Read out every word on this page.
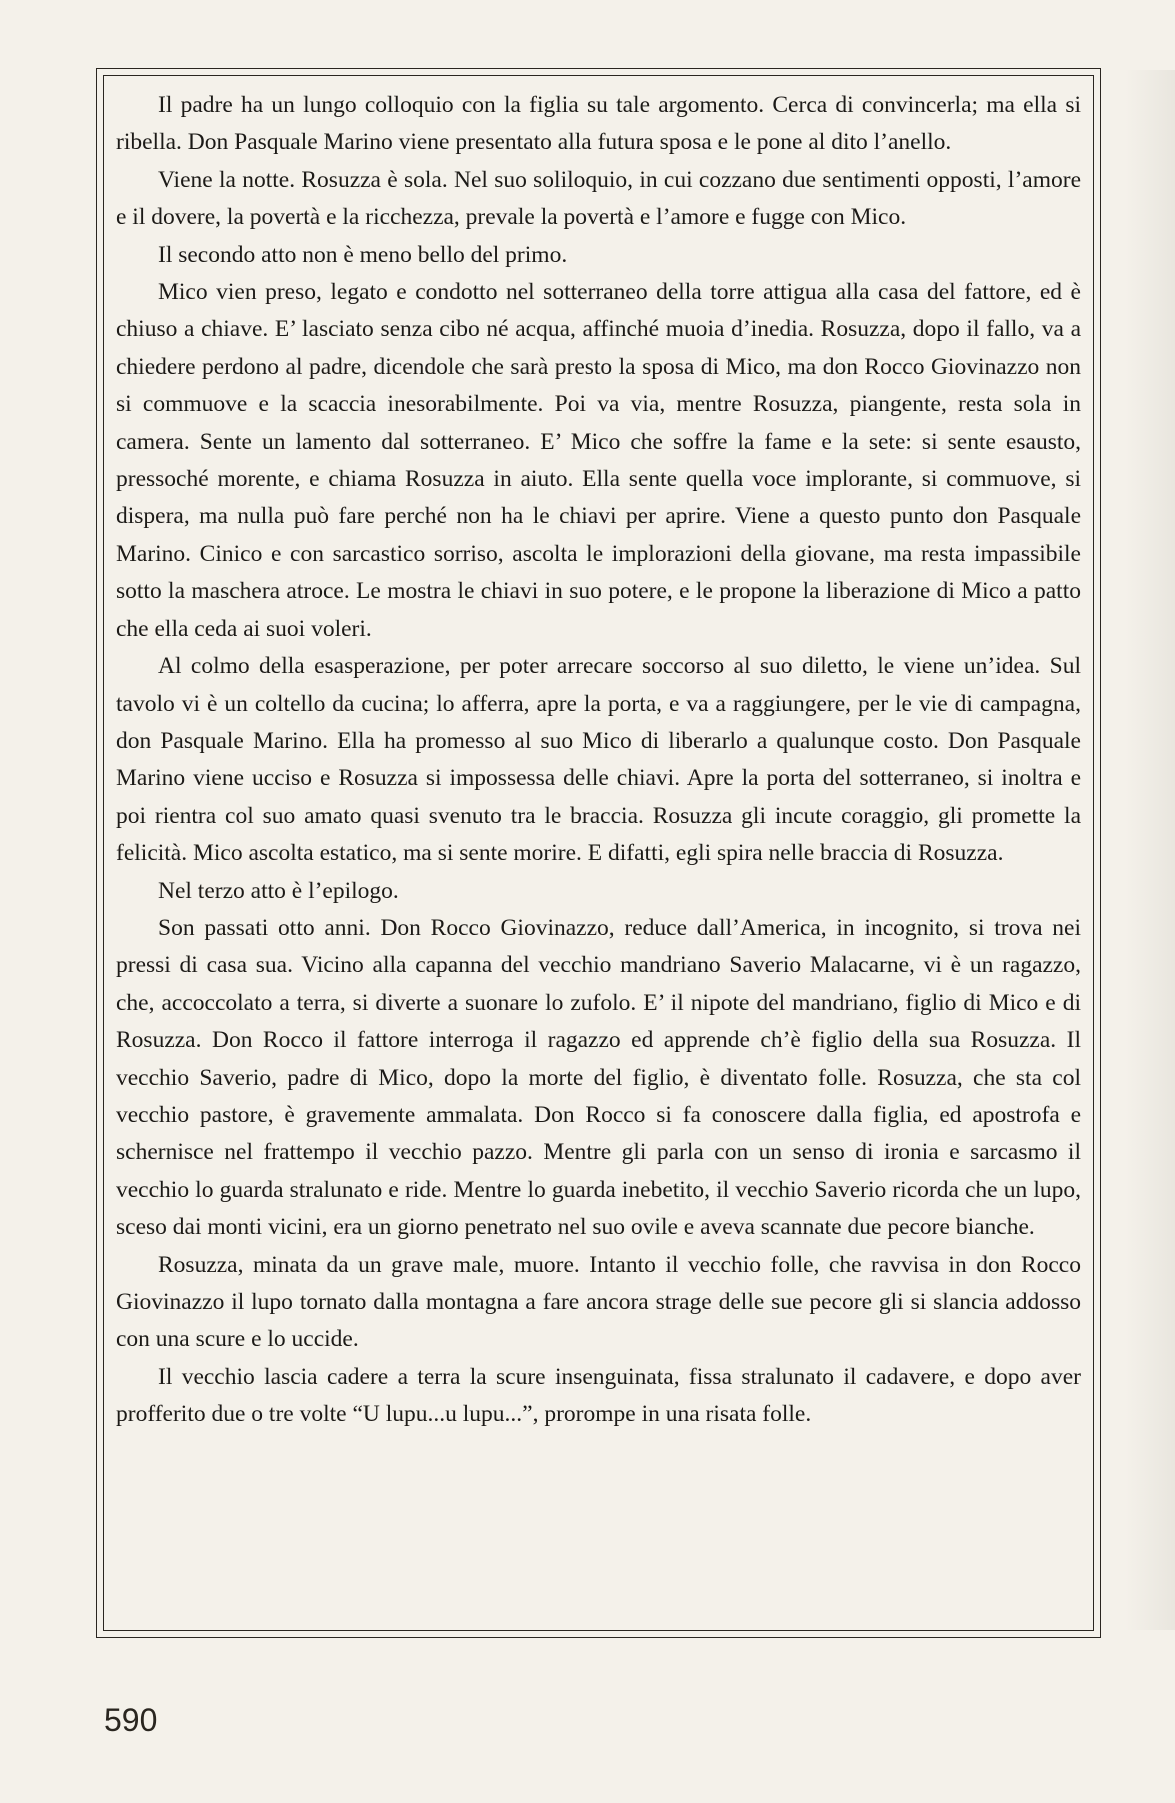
Il padre ha un lungo colloquio con la figlia su tale argomento. Cerca di convincerla; ma ella si ribella. Don Pasquale Marino viene presentato alla futura sposa e le pone al dito l’anello.

Viene la notte. Rosuzza è sola. Nel suo soliloquio, in cui cozzano due sentimenti opposti, l’amore e il dovere, la povertà e la ricchezza, prevale la povertà e l’amore e fugge con Mico.

Il secondo atto non è meno bello del primo.

Mico vien preso, legato e condotto nel sotterraneo della torre attigua alla casa del fattore, ed è chiuso a chiave. E’ lasciato senza cibo né acqua, affinché muoia d’inedia. Rosuzza, dopo il fallo, va a chiedere perdono al padre, dicendole che sarà presto la sposa di Mico, ma don Rocco Giovinazzo non si commuove e la scaccia inesorabilmente. Poi va via, mentre Rosuzza, piangente, resta sola in camera. Sente un lamento dal sotterraneo. E’ Mico che soffre la fame e la sete: si sente esausto, pressoché morente, e chiama Rosuzza in aiuto. Ella sente quella voce implorante, si commuove, si dispera, ma nulla può fare perché non ha le chiavi per aprire. Viene a questo punto don Pasquale Marino. Cinico e con sarcastico sorriso, ascolta le implorazioni della giovane, ma resta impassibile sotto la maschera atroce. Le mostra le chiavi in suo potere, e le propone la liberazione di Mico a patto che ella ceda ai suoi voleri.

Al colmo della esasperazione, per poter arrecare soccorso al suo diletto, le viene un’idea. Sul tavolo vi è un coltello da cucina; lo afferra, apre la porta, e va a raggiungere, per le vie di campagna, don Pasquale Marino. Ella ha promesso al suo Mico di liberarlo a qualunque costo. Don Pasquale Marino viene ucciso e Rosuzza si impossessa delle chiavi. Apre la porta del sotterraneo, si inoltra e poi rientra col suo amato quasi svenuto tra le braccia. Rosuzza gli incute coraggio, gli promette la felicità. Mico ascolta estatico, ma si sente morire. E difatti, egli spira nelle braccia di Rosuzza.

Nel terzo atto è l’epilogo.

Son passati otto anni. Don Rocco Giovinazzo, reduce dall’America, in incognito, si trova nei pressi di casa sua. Vicino alla capanna del vecchio mandriano Saverio Malacarne, vi è un ragazzo, che, accoccolato a terra, si diverte a suonare lo zufolo. E’ il nipote del mandriano, figlio di Mico e di Rosuzza. Don Rocco il fattore interroga il ragazzo ed apprende ch’è figlio della sua Rosuzza. Il vecchio Saverio, padre di Mico, dopo la morte del figlio, è diventato folle. Rosuzza, che sta col vecchio pastore, è gravemente ammalata. Don Rocco si fa conoscere dalla figlia, ed apostrofa e schernisce nel frattempo il vecchio pazzo. Mentre gli parla con un senso di ironia e sarcasmo il vecchio lo guarda stralunato e ride. Mentre lo guarda inebetito, il vecchio Saverio ricorda che un lupo, sceso dai monti vicini, era un giorno penetrato nel suo ovile e aveva scannate due pecore bianche.

Rosuzza, minata da un grave male, muore. Intanto il vecchio folle, che ravvisa in don Rocco Giovinazzo il lupo tornato dalla montagna a fare ancora strage delle sue pecore gli si slancia addosso con una scure e lo uccide.

Il vecchio lascia cadere a terra la scure insenguinata, fissa stralunato il cadavere, e dopo aver profferito due o tre volte “U lupu...u lupu...”, prorompe in una risata folle.

590
